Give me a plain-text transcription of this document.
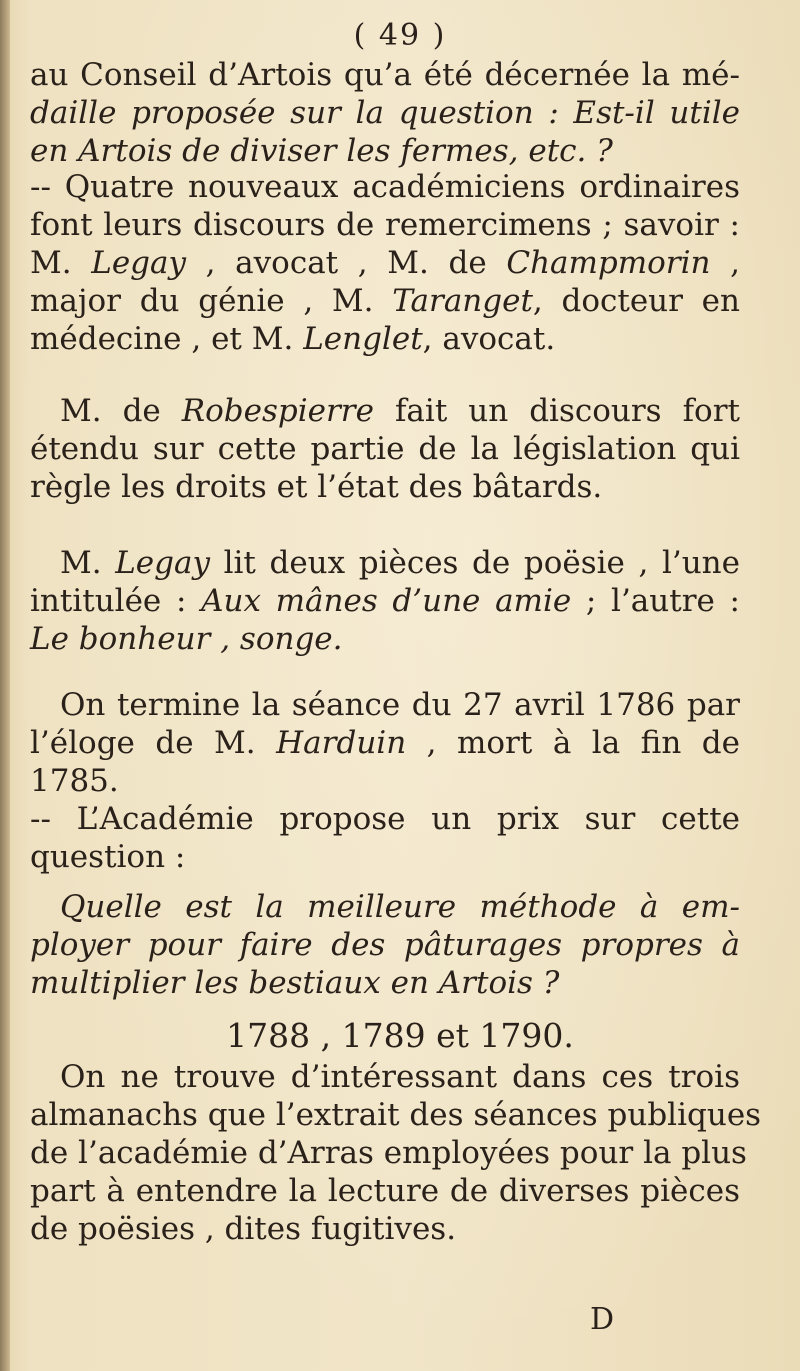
( 49 )
au Conseil d’Artois qu’a été décernée la mé-
daille proposée sur la question : Est-il utile
en Artois de diviser les fermes, etc. ?
-- Quatre nouveaux académiciens ordinaires
font leurs discours de remercimens ; savoir :
M. Legay , avocat , M. de Champmorin ,
major du génie , M. Taranget, docteur en
médecine , et M. Lenglet, avocat.
M. de Robespierre fait un discours fort
étendu sur cette partie de la législation qui
règle les droits et l’état des bâtards.
M. Legay lit deux pièces de poësie , l’une
intitulée : Aux mânes d’une amie ; l’autre :
Le bonheur , songe.
On termine la séance du 27 avril 1786 par
l’éloge de M. Harduin , mort à la fin de
1785.
-- L’Académie propose un prix sur cette
question :
Quelle est la meilleure méthode à em-
ployer pour faire des pâturages propres à
multiplier les bestiaux en Artois ?
1788 , 1789 et 1790.
On ne trouve d’intéressant dans ces trois
almanachs que l’extrait des séances publiques
de l’académie d’Arras employées pour la plus
part à entendre la lecture de diverses pièces
de poësies , dites fugitives.
D
